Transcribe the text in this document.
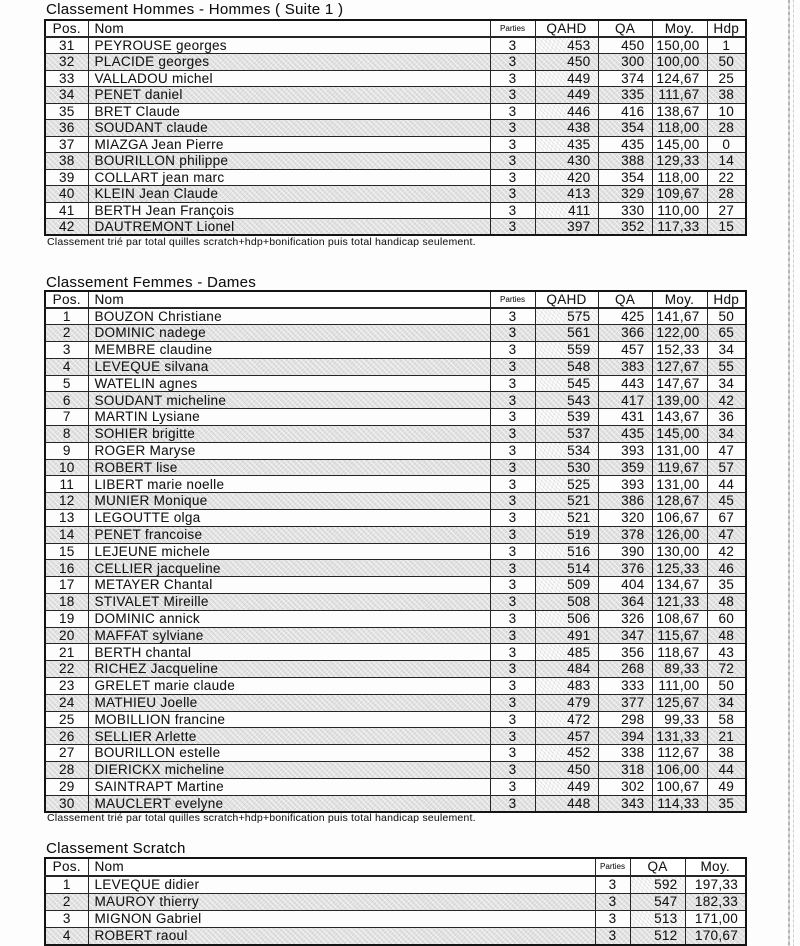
Classement Hommes - Hommes ( Suite 1 )
Pos.	Nom	Parties	QAHD	QA	Moy.	Hdp
31	PEYROUSE georges	3	453	450	150,00	1
32	PLACIDE georges	3	450	300	100,00	50
33	VALLADOU michel	3	449	374	124,67	25
34	PENET daniel	3	449	335	111,67	38
35	BRET Claude	3	446	416	138,67	10
36	SOUDANT claude	3	438	354	118,00	28
37	MIAZGA Jean Pierre	3	435	435	145,00	0
38	BOURILLON philippe	3	430	388	129,33	14
39	COLLART jean marc	3	420	354	118,00	22
40	KLEIN Jean Claude	3	413	329	109,67	28
41	BERTH Jean François	3	411	330	110,00	27
42	DAUTREMONT Lionel	3	397	352	117,33	15

Classement trié par total quilles scratch+hdp+bonification puis total handicap seulement.

Classement Femmes - Dames
Pos.	Nom	Parties	QAHD	QA	Moy.	Hdp
1	BOUZON Christiane	3	575	425	141,67	50
2	DOMINIC nadege	3	561	366	122,00	65
3	MEMBRE claudine	3	559	457	152,33	34
4	LEVEQUE silvana	3	548	383	127,67	55
5	WATELIN agnes	3	545	443	147,67	34
6	SOUDANT micheline	3	543	417	139,00	42
7	MARTIN Lysiane	3	539	431	143,67	36
8	SOHIER brigitte	3	537	435	145,00	34
9	ROGER Maryse	3	534	393	131,00	47
10	ROBERT lise	3	530	359	119,67	57
11	LIBERT marie noelle	3	525	393	131,00	44
12	MUNIER Monique	3	521	386	128,67	45
13	LEGOUTTE olga	3	521	320	106,67	67
14	PENET francoise	3	519	378	126,00	47
15	LEJEUNE michele	3	516	390	130,00	42
16	CELLIER jacqueline	3	514	376	125,33	46
17	METAYER Chantal	3	509	404	134,67	35
18	STIVALET Mireille	3	508	364	121,33	48
19	DOMINIC annick	3	506	326	108,67	60
20	MAFFAT sylviane	3	491	347	115,67	48
21	BERTH chantal	3	485	356	118,67	43
22	RICHEZ Jacqueline	3	484	268	89,33	72
23	GRELET marie claude	3	483	333	111,00	50
24	MATHIEU Joelle	3	479	377	125,67	34
25	MOBILLION francine	3	472	298	99,33	58
26	SELLIER Arlette	3	457	394	131,33	21
27	BOURILLON estelle	3	452	338	112,67	38
28	DIERICKX micheline	3	450	318	106,00	44
29	SAINTRAPT Martine	3	449	302	100,67	49
30	MAUCLERT evelyne	3	448	343	114,33	35

Classement trié par total quilles scratch+hdp+bonification puis total handicap seulement.

Classement Scratch
Pos.	Nom	Parties	QA	Moy.
1	LEVEQUE didier	3	592	197,33
2	MAUROY thierry	3	547	182,33
3	MIGNON Gabriel	3	513	171,00
4	ROBERT raoul	3	512	170,67
